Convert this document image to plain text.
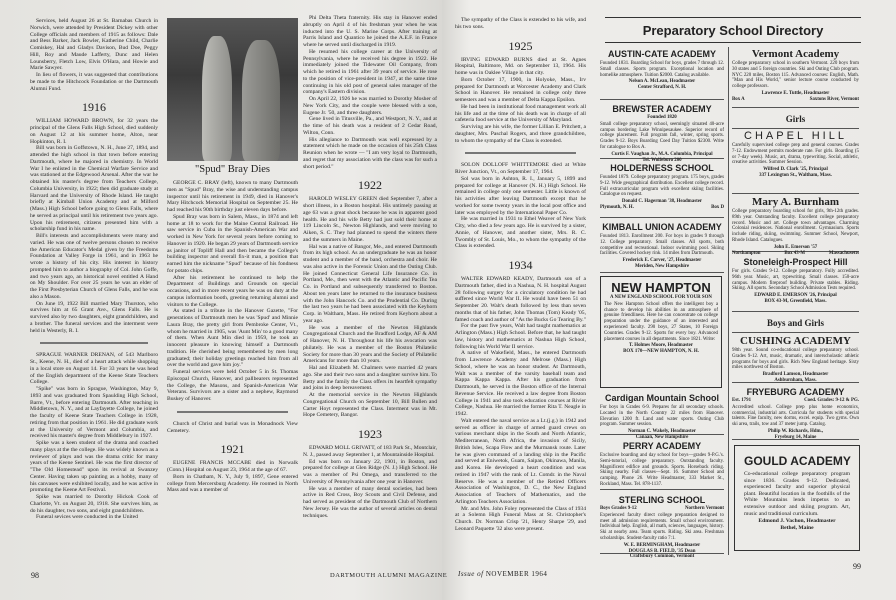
Services, held August 26 at St. Barnabas Church in Norwich, were attended by President Dickey with other College officials and members of 1915 as follows: Dale and Bess Barker, Jack Bowler, Katherine Child, Charlie Comiskey, Hal and Gladys Davison, Bud Doe, Peggy Hill, Roy and Maude Lafferty, Dunc and Helen Lounsberry, Fletch Low, Elvis O'Hara, and Howie and Marie Sawyer.

In lieu of flowers, it was suggested that contributions be made to the Hitchcock Foundation or the Dartmouth Alumni Fund.

1916

WILLIAM HOWARD BROWN, for 32 years the principal of the Glens Falls High School, died suddenly on August 12 at his summer home, Alton, near Hopkinton, R. I.

Bill was born in Goffstown, N. H., June 27, 1894, and attended the high school in that town before entering Dartmouth, where he majored in chemistry. In World War I he enlisted in the Chemical Warfare Service and was stationed at the Edgewood Arsenal. After the war he obtained his master's degree from Teachers College, Columbia University, in 1922; then did graduate study at Harvard and the University of Rhode Island. He taught briefly at Kimball Union Academy and at Milford (Mass.) High School before going to Glens Falls, where he served as principal until his retirement two years ago. Upon his retirement, citizens presented him with a scholarship fund in his name.

Bill's interests and accomplishments were many and varied. He was one of twelve persons chosen to receive the American Educator's Medal given by the Freedoms Foundation at Valley Forge in 1961, and in 1963 he wrote a history of his city. His interest in history prompted him to author a biography of Col. John Goffe, and two years ago, an historical novel entitled A Hand on My Shoulder. For over 25 years he was an elder of the First Presbyterian Church of Glens Falls, and he was also a Mason.

On June 19, 1922 Bill married Mary Thurston, who survives him at 65 Grant Ave., Glens Falls. He is survived also by two daughters, eight grandchildren, and a brother. The funeral services and the interment were held in Westerly, R. I.

SPRAGUE WARNER DRENAN, of 543 Marlboro St., Keene, N. H., died of a heart attack while shopping in a local store on August 14. For 33 years he was head of the English department of the Keene State Teachers College.

"Spike" was born in Sprague, Washington, May 9, 1893 and was graduated from Spaulding High School, Barre, Vt., before entering Dartmouth. After teaching in Middletown, N. Y., and at Layfayette College, he joined the faculty of Keene State Teachers College in 1928, retiring from that position in 1961. He did graduate work at the University of Vermont and Columbia, and received his master's degree from Middlebury in 1927.

Spike was a keen student of the drama and coached many plays at the the college. He was widely known as a reviewer of plays and was the drama critic for many years of the Keene Sentinel. He was the first director of "The Old Homestead" upon its revival at Swanzey Center. Having taken up painting as a hobby, many of his canvases were exhibited locally, and he was active in promoting the Keene Art Festival.

Spike was married to Dorothy Hickok Cook of Charlotte, Vt. on August 20, 1918. She survives him, as do his daughter, two sons, and eight grandchildren.

Funeral sevices were conducted in the United

"Spud" Bray Dies

GEORGE C. BRAY (left), known to many Dartmouth men as "Spud" Bray, the wise and understanding campus inspector until his retirement in 1949, died in Hanover's Mary Hitchcock Memorial Hospital on September 25. He had reached his 90th birthday just eleven days before.

Spud Bray was born in Salem, Mass., in 1874 and left home at 18 to work for the Maine Central Railroad. He saw service in Cuba in the Spanish-American War and worked in New York for several years before coming to Hanover in 1920. He began 29 years of Dartmouth service as janitor of Topliff Hall and then became the College's building inspector and overall fix-it man, a position that earned him the nickname "Spud" because of his fondness for potato chips.

After his retirement he continued to help the Department of Buildings and Grounds on special occasions, and in more recent years he was on duty at the campus information booth, greeting returning alumni and visitors to the College.

As stated in a tribute in the Hanover Gazette, "For generations of Dartmouth men he was 'Spud' and Minnie Laura Bray, the pretty girl from Pembroke Center, Vt., whom he married in 1905, was 'Aunt Min' to a good many of them. When Aunt Min died in 1959, he took an innocent pleasure in knowing himself a Dartmouth tradition. He cherished being remembered by men long graduated; their holiday greetings reached him from all over the world and gave him joy."

Funeral services were held October 5 in St. Thomas Episcopal Church, Hanover, and pallbearers represented the College, the Masons, and Spanish-American War Veterans. Survivors are a sister and a nephew, Raymond Buskey of Hanover.

Church of Christ and burial was in Monadnock View Cemetery.

1921

EUGENE FRANCIS MCCABE died in Norwalk (Conn.) Hospital on August 23, 1964 at the age of 67.

Born in Chatham, N. Y., July 9, 1897, Gene entered college from Mercersburg Academy. He roomed in North Mass and was a member of

Phi Delta Theta fraternity. His stay in Hanover ended abruptly on April 4 of his freshman year when he was inducted into the U. S. Marine Corps. After training at Parris Island and Quantico he joined the A.E.F. in France where he served until discharged in 1919.

He resumed his college career at the University of Pennsylvania, where he received his degree in 1922. He immediately joined the Tidewater Oil Company, from which he retired in 1961 after 39 years of service. He rose to the position of vice-president in 1947, at the same time continuing in his old post of general sales manager of the company's Eastern division.

On April 22, 1926 he was married to Dorothy Mosher of New York City, and the couple were blessed with a son, Eugene Jr. '50, and three daughters.

Gene lived in Titusville, Pa., and Westport, N. Y., and at the time of his death was a resident of 2 Cedar Road, Wilton, Conn.

His allegiance to Dartmouth was well expressed by a statement which he made on the occasion of his 25th Class Reunion when he wrote — "I am very loyal to Dartmouth, and regret that my association with the class was for such a short period."

1922

HAROLD WESLEY GREEN died September 7, after a short illness, in a Boston hospital. His untimely passing at age 63 was a great shock because he was in apparent good health. He and his wife Betty had just sold their home at 119 Lincoln St., Newton Highlands, and were moving to Aiken, S. C. They had planned to spend the winters there and the summers in Maine.

Hal was a native of Bangor, Me., and entered Dartmouth from its high school. As an undergraduate he was an honor student and a member of the band, orchestra and choir. He was also active in the Forensic Union and the Outing Club. He joined Connecticut General Life Insurance Co. in Portland, Me., then went with the Atlantic and Pacific Tea Co. in Portland and subsequently transferred to Boston. About ten years later he returned to the insurance business with the John Hancock Co. and the Prudential Co. During the last two years he had been associated with the Keyhorn Corp. in Waltham, Mass. He retired from Keyhorn about a year ago.

He was a member of the Newton Highlands Congregational Church and the Bradford Lodge, AF & AM of Hanover, N. H. Throughout his life his avocation was philately. He was a member of the Boston Philatelic Society for more than 30 years and the Society of Philatelic Americans for more than 10 years.

Hal and Elizabeth M. Chalmers were married 42 years ago. She and their two sons and a daughter survive him. To Betty and the family the Class offers its heartfelt sympathy and joins in deep bereavement.

At the memorial service in the Newton Highlands Congregational Church on September 10, Bill Bullen and Carter Hoyt represented the Class. Interment was in Mt. Hope Cemetery, Bangor.

1923

EDWARD MOLL GRIVATT, of 183 Park St., Montclair, N. J., passed away September 1, at Mountainside Hospital.

Ed was born on January 22, 1901, in Boston, and prepared for college at Glen Ridge (N. J.) High School. He was a member of Psi Omega, and transferred to the University of Pennsylvania after one year in Hanover.

He was a member of many dental societies, had been active in Red Cross, Boy Scouts and Civil Defense, and had served as president of the Dartmouth Club of Northern New Jersey. He was the author of several articles on dental techniques.

98	DARTMOUTH ALUMNI MAGAZINE

The sympathy of the Class is extended to his wife, and his two sons.

1925

IRVING EDWARD BURNS died at St. Agnes Hospital, Baltimore, Md. on September 13, 1964. His home was in Oaklee Village in that city.

Born October 17, 1900, in Holyoke, Mass., Irv prepared for Dartmouth at Worcester Academy and Clark School in Hanover. He remained in college only three semesters and was a member of Delta Kappa Epsilon.

He had been in institutional food management work all his life and at the time of his death was in charge of all cafeteria food service at the University of Maryland.

Surviving are his wife, the former Lillian E. Pritchett, a daughter, Mrs. Paschal Rogers, and three grandchildren, to whom the sympathy of the Class is extended.

SOLON DOLLOFF WHITTEMORE died at White River Junction, Vt., on September 17, 1964.

Sol was born in Ashton, R. I., January 5, 1899 and prepared for college at Hanover (N. H.) High School. He remained in college only one semester. Little is known of his activities after leaving Dartmouth except that he worked for some twenty years in the local post office and later was employed by the International Paper Co.

He was married in 1931 to Ethel Weaver of New York City, who died a few years ago. He is survived by a sister, Annie, of Hanover, and another sister, Mrs. R. C. Twombly of St. Louis, Mo., to whom the sympathy of the Class is extended.

1934

WALTER EDWARD KEADY, Dartmouth son of a Dartmouth father, died in a Nashua, N. H. hospital August 28 following surgery for a circulatory condition he had suffered since World War II. He would have been 51 on September 20. Walt's death followed by less than seven months that of his father, John Thomas (Tom) Keady '05, famed coach and author of "As the Bucks Go Tearing By."

For the past five years, Walt had taught mathematics at Arlington (Mass.) High School. Before that, he had taught law, history and mathematics at Nashua High School, following his World War II service.

A native of Wakefield, Mass., he entered Dartmouth from Lawrence Academy and Melrose (Mass.) High School, where he was an honor student. At Dartmouth, Walt was a member of the varsity baseball team and Kappa Kappa Kappa. After his graduation from Dartmouth, he served in the Boston office of the Internal Revenue Service. He received a law degree from Boston College in 1941 and also took education courses at Rivier College, Nashua. He married the former Rita T. Neagle in 1942.

Walt entered the naval service as a Lt.(j.g.) in 1942 and served as officer in charge of armed guard crews on various merchant ships in the South and North Atlantic, Mediterranean, North Africa, the invasion of Sicily, British Isles, Scapa Flow and the Murmansk route. Later he was given command of a landing ship in the Pacific and served at Eniwetok, Guam, Saipan, Okinawa, Manila, and Korea. He developed a heart condition and was retired in 1947 with the rank of Lt. Comdr. in the Naval Reserve. He was a member of the Retired Officers Association of Washington, D. C., the New England Association of Teachers of Mathematics, and the Arlington Teachers Association.

Mr. and Mrs. John Foley represented the Class of 1934 at a Solemn High Funeral Mass at St. Christopher's Church. Dr. Norman Crisp '21, Henry Sharpe '29, and Leonard Paquette '32 also were present.

Issue of NOVEMBER 1964
99
Preparatory School Directory
AUSTIN-CATE ACADEMY
Founded 1831. Boarding School for boys, grades 7 through 12. Small classes. Sports program. Exceptional location and homelike atmosphere. Tuition $2000. Catalog available.
Nelson A. McLean, Headmaster
Center Strafford, N. H.
BREWSTER ACADEMY
Founded 1820
Small college preparatory school, seemingly situated 40-acre campus bordering Lake Winnipesaukee. Superior record of college placement. Full program fall, winter, spring sports. Grades 9-12. Boys Boarding Coed Day Tuition $2300. Write for catalogue to Box A.
Curtis F. Vaughan Jr., M.A. Columbia, Principal
Tel. Wolfeboro 200
HOLDERNESS SCHOOL
Founded 1879. College preparatory program. 175 boys, grades 9-12. Wide geographical distribution. Excellent college record. Full extracurricular program with excellent skiing facilities. Catalogue on request.
Donald C. Hagerman '38, Headmaster
Plymouth, N. H.	Box D
KIMBALL UNION ACADEMY
Founded 1813. Enrollment 200. For boys in grades 9 through 12. College preparatory. Small classes. All sports, both competitive and recreational. Indoor swimming pool. Skiing facilities. Covered hockey rink. 14 miles from Dartmouth.
Frederick E. Carver, '27, Headmaster
Meriden, New Hampshire
NEW HAMPTON
A NEW ENGLAND SCHOOL FOR YOUR SON
The New Hampton School offers the intelligent boy a chance to develop his abilities in an atmosphere of genuine friendliness. Here he can concentrate on college preparation under the guidance of an interested and experienced faculty. 290 boys, 27 States, 10 Foreign Countries. Grades 9-12. Sports for every boy. Advanced placement courses in all departments. Since 1821. Write:
T. Holmes Moore, Headmaster
BOX 170—NEW HAMPTON, N. H.
Cardigan Mountain School
For boys in Grades 6-9. Prepares for all secondary schools. Located in the North Country 22 miles from Hanover. Elevation 1200 ft. Land and water sports. Outing Club program. Summer session.
Norman C. Wakely, Headmaster
Canaan, New Hampshire
PERRY ACADEMY
Exclusive boarding and day school for boys—grades 9-P.G.'s. Semi-tutorial, college preparatory. Outstanding faculty. Magnificent edifice and grounds. Sports. Horseback riding. Skiing nearby. Fall classes—Sept. 16. Summer School and camping. Phone 26. Write Headmaster, 333 Market St., Rockland, Mass. Tel. 878-1137.
STERLING SCHOOL
Boys Grades 9-12	Northern Vermont
Experienced faculty direct college preparation designed to meet all admission requirements. Small school environment. Individual help. English, all math, sciences, languages, history. Ski at nearby area. Team sports. Riding. Ski area. Freshman scholarships. Student-faculty ratio 7:1.
W. E. BERMINGHAM, Headmaster
DOUGLAS B. FIELD, '35 Dean
Craftsbury Common, Vermont
Vermont Academy
College preparatory school in southern Vermont. 220 boys from 30 states and 5 foreign countries. Ski and Outing Club program. NYC 220 miles, Boston 115. Advanced courses: English, Math. "Man and His World," senior lecture course conducted by college professors.
Lawrence E. Tuttle, Headmaster
Box A	Saxtons River, Vermont
Girls
CHAPEL HILL
Carefully supervised college prep and general courses. Grades 7-12. Endowment permits moderate rate. For girls. Boarding (5 or 7-day week). Music, art, drama, typewriting. Social, athletic, creative activities. Summer Session.
Wilfred D. Clark '25, Principal
337 Lexington St., Waltham, Mass.
Mary A. Burnham
College preparatory boarding school for girls, 9th-12th grades. 89th year. Outstanding faculty. Excellent college preparatory record. Music and art. College town advantages. Charming Colonial residences. National enrollment. Gymnasium. Sports include riding, skiing, swimming. Summer School, Newport, Rhode Island. Catalogues.
John E. Emerson '57
Northampton	Box 43-M	Massachusetts
Stoneleigh-Prospect Hill
For girls. Grades 9-12. College preparatory. Fully accredited. 96th year. Music, art, typewriting. Small classes. 150-acre campus. Modern fireproof building. Private stables. Riding. Skiing. All sports. Secondary School Admission Tests required.
EDWARD E. EMERSON '26, Principal
BOX 43-M, Greenfield, Mass.
Boys and Girls
CUSHING ACADEMY
98th year. Sound co-educational college preparatory school. Grades 9-12. Art, music, dramatic, and interscholastic athletic programs for boys and girls. Rich New England heritage. Sixty miles northwest of Boston.
Bradford Lamson, Headmaster
Ashburnham, Mass.
FRYEBURG ACADEMY
Est. 1791	Coed. Grades: 9-12 & PG.
Accredited school. College prep plus home economics, commercial, industrial arts. Curricula for students with special talents. Fine faculty, new dorms, excel. equip. Two gyms. Own ski area, trails, tow and 37 meter jump. Catalog.
Philip W. Richards, Hdm.,
Fryeburg 14, Maine
GOULD ACADEMY
Co-educational college preparatory program since 1836. Grades 9-12. Dedicated, experienced faculty and superior physical plant. Beautiful location in the foothills of the White Mountains lends impetus to an extensive outdoor and skiing program. Art, music and traditional curriculum.
Edmond J. Vachon, Headmaster
Bethel, Maine
